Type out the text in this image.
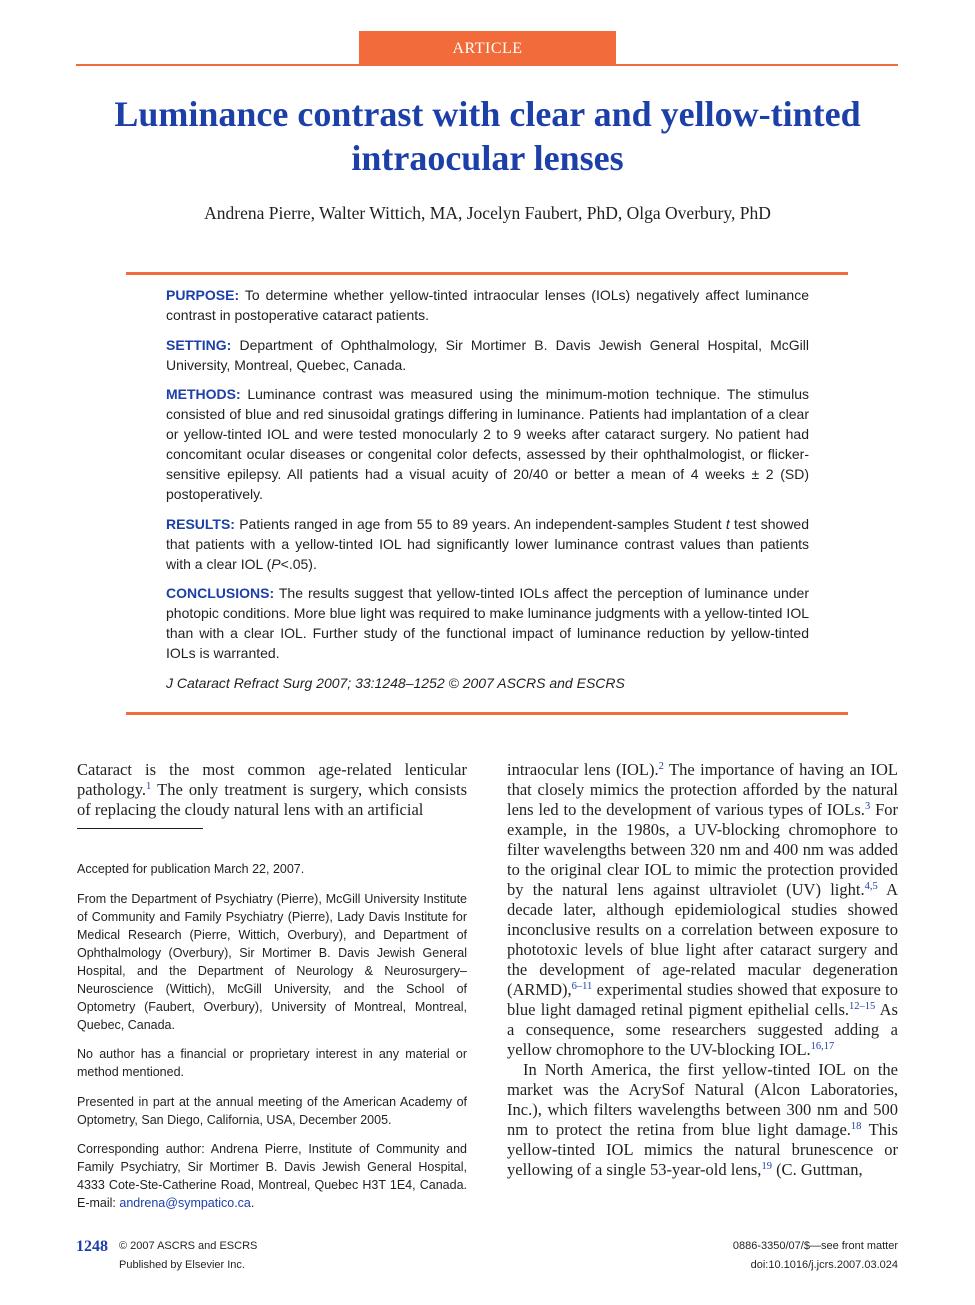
ARTICLE
Luminance contrast with clear and yellow-tinted intraocular lenses
Andrena Pierre, Walter Wittich, MA, Jocelyn Faubert, PhD, Olga Overbury, PhD

PURPOSE: To determine whether yellow-tinted intraocular lenses (IOLs) negatively affect luminance contrast in postoperative cataract patients.

SETTING: Department of Ophthalmology, Sir Mortimer B. Davis Jewish General Hospital, McGill University, Montreal, Quebec, Canada.

METHODS: Luminance contrast was measured using the minimum-motion technique. The stimulus consisted of blue and red sinusoidal gratings differing in luminance. Patients had implantation of a clear or yellow-tinted IOL and were tested monocularly 2 to 9 weeks after cataract surgery. No patient had concomitant ocular diseases or congenital color defects, assessed by their ophthalmologist, or flicker-sensitive epilepsy. All patients had a visual acuity of 20/40 or better a mean of 4 weeks ± 2 (SD) postoperatively.

RESULTS: Patients ranged in age from 55 to 89 years. An independent-samples Student t test showed that patients with a yellow-tinted IOL had significantly lower luminance contrast values than patients with a clear IOL (P<.05).

CONCLUSIONS: The results suggest that yellow-tinted IOLs affect the perception of luminance under photopic conditions. More blue light was required to make luminance judgments with a yellow-tinted IOL than with a clear IOL. Further study of the functional impact of luminance reduction by yellow-tinted IOLs is warranted.

J Cataract Refract Surg 2007; 33:1248–1252 © 2007 ASCRS and ESCRS

Cataract is the most common age-related lenticular pathology.$^1$ The only treatment is surgery, which consists of replacing the cloudy natural lens with an artificial

Accepted for publication March 22, 2007.

From the Department of Psychiatry (Pierre), McGill University Institute of Community and Family Psychiatry (Pierre), Lady Davis Institute for Medical Research (Pierre, Wittich, Overbury), and Department of Ophthalmology (Overbury), Sir Mortimer B. Davis Jewish General Hospital, and the Department of Neurology & Neurosurgery–Neuroscience (Wittich), McGill University, and the School of Optometry (Faubert, Overbury), University of Montreal, Montreal, Quebec, Canada.

No author has a financial or proprietary interest in any material or method mentioned.

Presented in part at the annual meeting of the American Academy of Optometry, San Diego, California, USA, December 2005.

Corresponding author: Andrena Pierre, Institute of Community and Family Psychiatry, Sir Mortimer B. Davis Jewish General Hospital, 4333 Cote-Ste-Catherine Road, Montreal, Quebec H3T 1E4, Canada. E-mail: andrena@sympatico.ca.

intraocular lens (IOL).$^2$ The importance of having an IOL that closely mimics the protection afforded by the natural lens led to the development of various types of IOLs.$^3$ For example, in the 1980s, a UV-blocking chromophore to filter wavelengths between 320 nm and 400 nm was added to the original clear IOL to mimic the protection provided by the natural lens against ultraviolet (UV) light.$^{4,5}$ A decade later, although epidemiological studies showed inconclusive results on a correlation between exposure to phototoxic levels of blue light after cataract surgery and the development of age-related macular degeneration (ARMD),$^{6-11}$ experimental studies showed that exposure to blue light damaged retinal pigment epithelial cells.$^{12-15}$ As a consequence, some researchers suggested adding a yellow chromophore to the UV-blocking IOL.$^{16,17}$

In North America, the first yellow-tinted IOL on the market was the AcrySof Natural (Alcon Laboratories, Inc.), which filters wavelengths between 300 nm and 500 nm to protect the retina from blue light damage.$^{18}$ This yellow-tinted IOL mimics the natural brunescence or yellowing of a single 53-year-old lens,$^{19}$ (C. Guttman,

1248 © 2007 ASCRS and ESCRS
Published by Elsevier Inc.
0886-3350/07/$—see front matter
doi:10.1016/j.jcrs.2007.03.024
